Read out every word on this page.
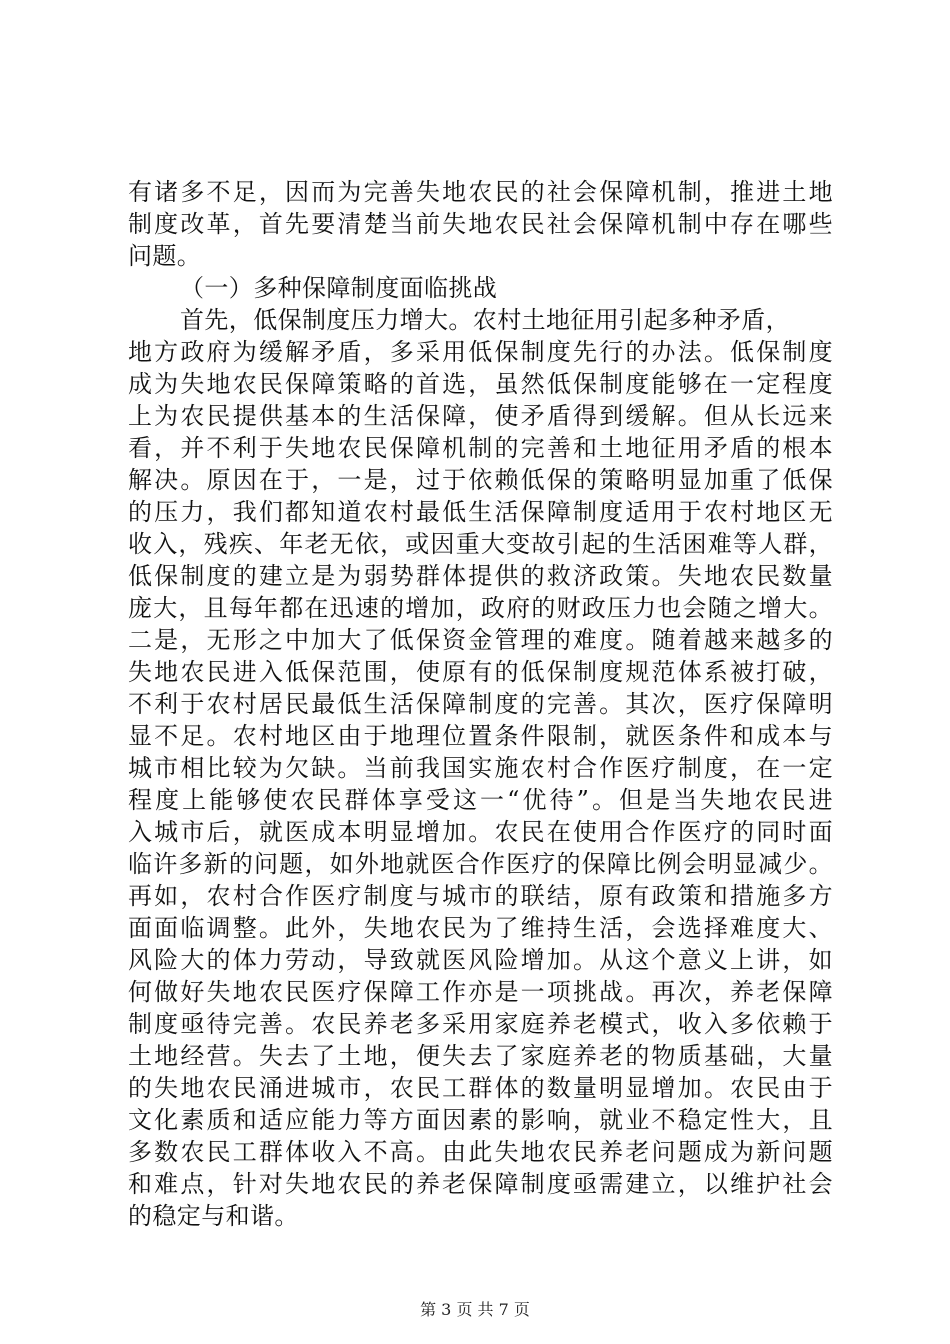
有诸多不足，因而为完善失地农民的社会保障机制，推进土地
制度改革，首先要清楚当前失地农民社会保障机制中存在哪些
问题。
（一）多种保障制度面临挑战
首先，低保制度压力增大。农村土地征用引起多种矛盾，
地方政府为缓解矛盾，多采用低保制度先行的办法。低保制度
成为失地农民保障策略的首选，虽然低保制度能够在一定程度
上为农民提供基本的生活保障，使矛盾得到缓解。但从长远来
看，并不利于失地农民保障机制的完善和土地征用矛盾的根本
解决。原因在于，一是，过于依赖低保的策略明显加重了低保
的压力，我们都知道农村最低生活保障制度适用于农村地区无
收入，残疾、年老无依，或因重大变故引起的生活困难等人群，
低保制度的建立是为弱势群体提供的救济政策。失地农民数量
庞大，且每年都在迅速的增加，政府的财政压力也会随之增大。
二是，无形之中加大了低保资金管理的难度。随着越来越多的
失地农民进入低保范围，使原有的低保制度规范体系被打破，
不利于农村居民最低生活保障制度的完善。其次，医疗保障明
显不足。农村地区由于地理位置条件限制，就医条件和成本与
城市相比较为欠缺。当前我国实施农村合作医疗制度，在一定
程度上能够使农民群体享受这一“优待”。但是当失地农民进
入城市后，就医成本明显增加。农民在使用合作医疗的同时面
临许多新的问题，如外地就医合作医疗的保障比例会明显减少。
再如，农村合作医疗制度与城市的联结，原有政策和措施多方
面面临调整。此外，失地农民为了维持生活，会选择难度大、
风险大的体力劳动，导致就医风险增加。从这个意义上讲，如
何做好失地农民医疗保障工作亦是一项挑战。再次，养老保障
制度亟待完善。农民养老多采用家庭养老模式，收入多依赖于
土地经营。失去了土地，便失去了家庭养老的物质基础，大量
的失地农民涌进城市，农民工群体的数量明显增加。农民由于
文化素质和适应能力等方面因素的影响，就业不稳定性大，且
多数农民工群体收入不高。由此失地农民养老问题成为新问题
和难点，针对失地农民的养老保障制度亟需建立，以维护社会
的稳定与和谐。
第 3 页 共 7 页
